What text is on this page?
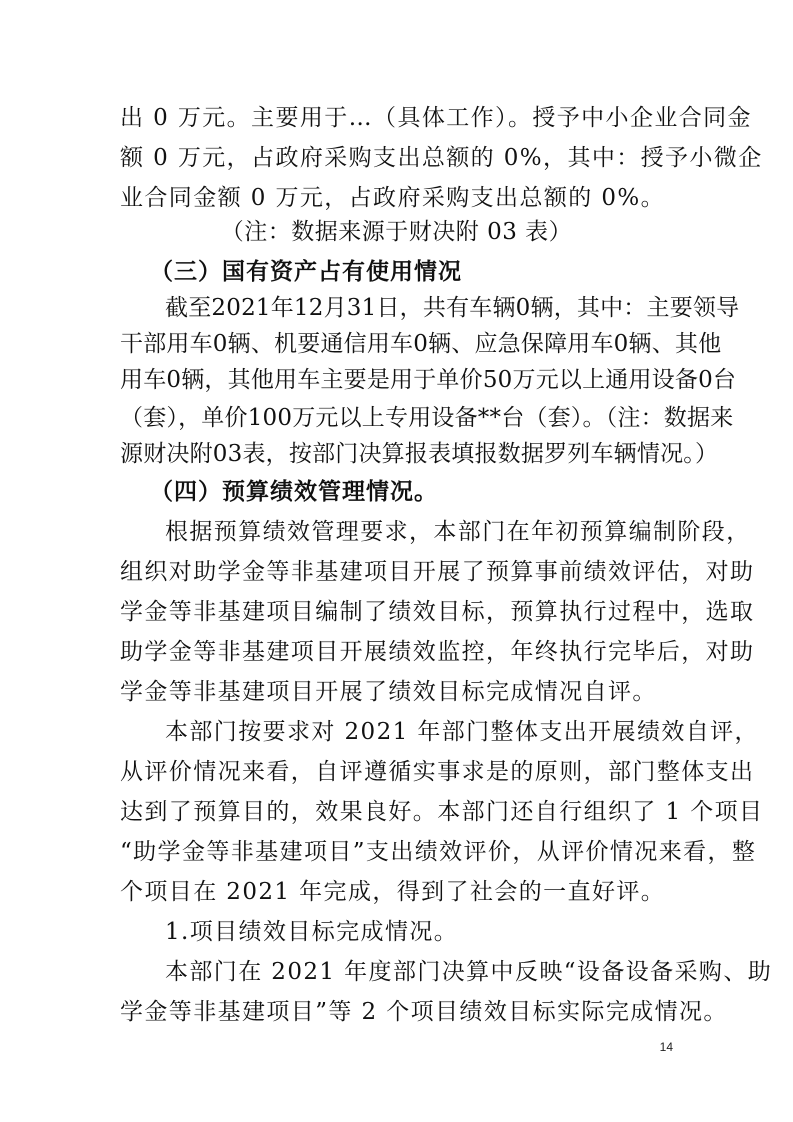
出 0 万元。主要用于…（具体工作）。授予中小企业合同金
额 0 万元，占政府采购支出总额的 0%，其中：授予小微企
业合同金额 0 万元，占政府采购支出总额的 0%。
（注：数据来源于财决附 03 表）
（三）国有资产占有使用情况
截至2021年12月31日，共有车辆0辆，其中：主要领导
干部用车0辆、机要通信用车0辆、应急保障用车0辆、其他
用车0辆，其他用车主要是用于单价50万元以上通用设备0台
（套），单价100万元以上专用设备**台（套）。（注：数据来
源财决附03表，按部门决算报表填报数据罗列车辆情况。）
（四）预算绩效管理情况。
根据预算绩效管理要求，本部门在年初预算编制阶段，
组织对助学金等非基建项目开展了预算事前绩效评估，对助
学金等非基建项目编制了绩效目标，预算执行过程中，选取
助学金等非基建项目开展绩效监控，年终执行完毕后，对助
学金等非基建项目开展了绩效目标完成情况自评。
本部门按要求对 2021 年部门整体支出开展绩效自评，
从评价情况来看，自评遵循实事求是的原则，部门整体支出
达到了预算目的，效果良好。本部门还自行组织了 1 个项目
“助学金等非基建项目”支出绩效评价，从评价情况来看，整
个项目在 2021 年完成，得到了社会的一直好评。
1.项目绩效目标完成情况。
本部门在 2021 年度部门决算中反映“设备设备采购、助
学金等非基建项目”等 2 个项目绩效目标实际完成情况。
14
